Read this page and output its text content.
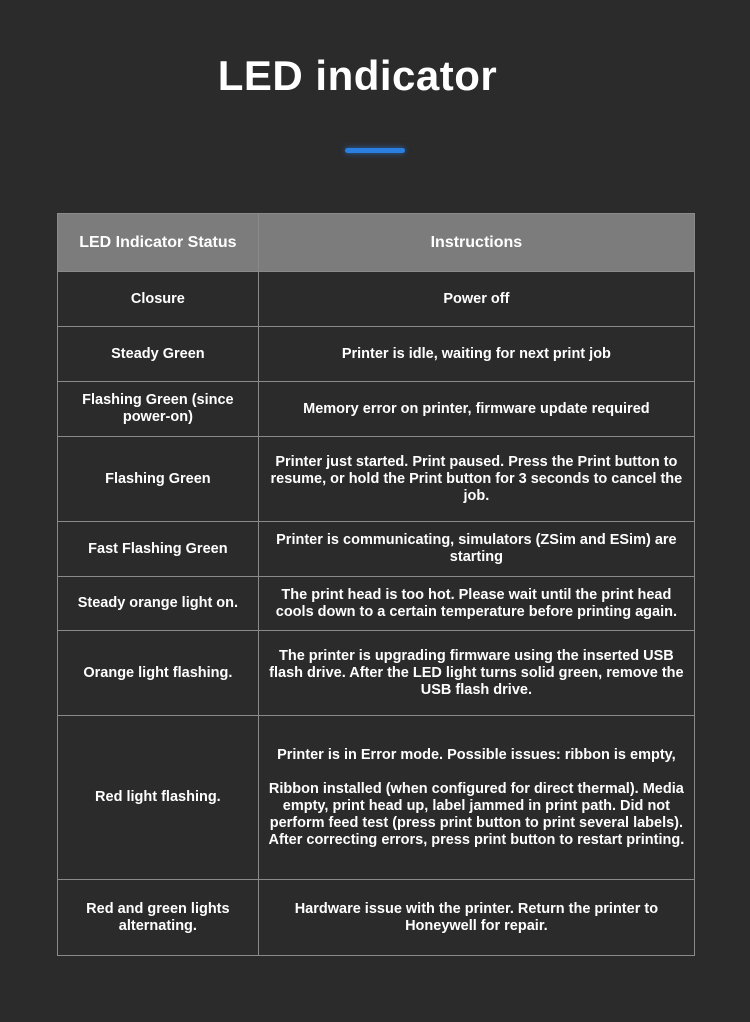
LED indicator
LED Indicator Status	Instructions
Closure	Power off
Steady Green	Printer is idle, waiting for next print job
Flashing Green (since power-on)	Memory error on printer, firmware update required
Flashing Green	Printer just started. Print paused. Press the Print button to resume, or hold the Print button for 3 seconds to cancel the job.
Fast Flashing Green	Printer is communicating, simulators (ZSim and ESim) are starting
Steady orange light on.	The print head is too hot. Please wait until the print head cools down to a certain temperature before printing again.
Orange light flashing.	The printer is upgrading firmware using the inserted USB flash drive. After the LED light turns solid green, remove the USB flash drive.
Red light flashing.	Printer is in Error mode. Possible issues: ribbon is empty,
Ribbon installed (when configured for direct thermal). Media empty, print head up, label jammed in print path. Did not perform feed test (press print button to print several labels). After correcting errors, press print button to restart printing.

Red and green lights alternating.	Hardware issue with the printer. Return the printer to Honeywell for repair.
